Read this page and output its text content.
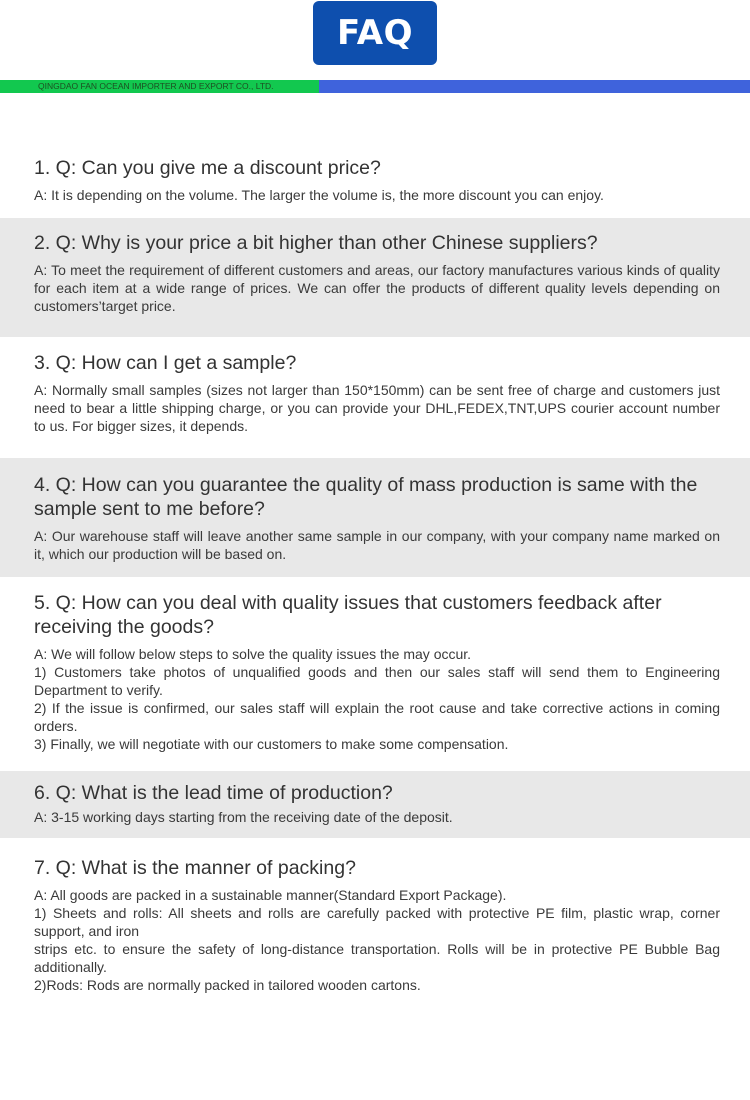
FAQ
QINGDAO FAN OCEAN IMPORTER AND EXPORT CO., LTD.

1. Q: Can you give me a discount price?

A: It is depending on the volume. The larger the volume is, the more discount you can enjoy.

2. Q: Why is your price a bit higher than other Chinese suppliers?

A: To meet the requirement of different customers and areas, our factory manufactures various kinds of quality for each item at a wide range of prices. We can offer the products of different quality levels depending on customers’target price.

3. Q: How can I get a sample?

A: Normally small samples (sizes not larger than 150*150mm) can be sent free of charge and customers just need to bear a little shipping charge, or you can provide your DHL,FEDEX,TNT,UPS courier account number to us. For bigger sizes, it depends.

4. Q: How can you guarantee the quality of mass production is same with the sample sent to me before?

A: Our warehouse staff will leave another same sample in our company, with your company name marked on it, which our production will be based on.

5. Q: How can you deal with quality issues that customers feedback after receiving the goods?

A: We will follow below steps to solve the quality issues the may occur.
1) Customers take photos of unqualified goods and then our sales staff will send them to Engineering Department to verify.
2) If the issue is confirmed, our sales staff will explain the root cause and take corrective actions in coming orders.
3) Finally, we will negotiate with our customers to make some compensation.

6. Q: What is the lead time of production?

A: 3-15 working days starting from the receiving date of the deposit.

7. Q: What is the manner of packing?

A: All goods are packed in a sustainable manner(Standard Export Package).
1) Sheets and rolls: All sheets and rolls are carefully packed with protective PE film, plastic wrap, corner support, and iron
strips etc. to ensure the safety of long-distance transportation. Rolls will be in protective PE Bubble Bag additionally.
2)Rods: Rods are normally packed in tailored wooden cartons.
